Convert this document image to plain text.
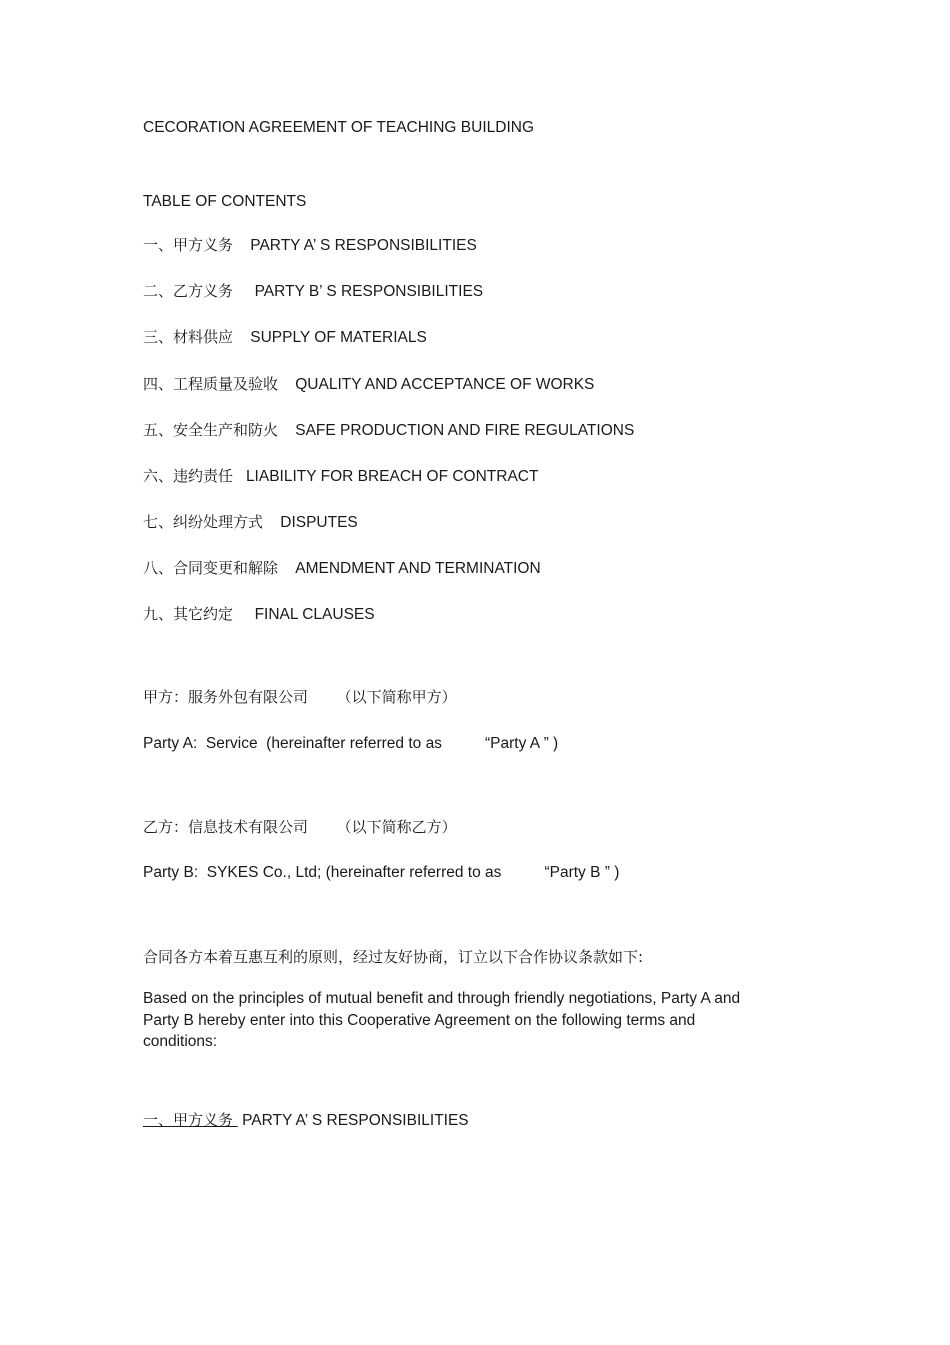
CECORATION AGREEMENT OF TEACHING BUILDING
TABLE OF CONTENTS
一、甲方义务 PARTY A’ S RESPONSIBILITIES
二、乙方义务 PARTY B’ S RESPONSIBILITIES
三、材料供应 SUPPLY OF MATERIALS
四、工程质量及验收 QUALITY AND ACCEPTANCE OF WORKS
五、安全生产和防火 SAFE PRODUCTION AND FIRE REGULATIONS
六、违约责任 LIABILITY FOR BREACH OF CONTRACT
七、纠纷处理方式 DISPUTES
八、合同变更和解除 AMENDMENT AND TERMINATION
九、其它约定 FINAL CLAUSES
甲方：服务外包有限公司      （以下简称甲方）
Party A:  Service  (hereinafter referred to as          “Party A ” )
乙方：信息技术有限公司      （以下简称乙方）
Party B:  SYKES Co., Ltd; (hereinafter referred to as          “Party B ” )
合同各方本着互惠互利的原则，经过友好协商，订立以下合作协议条款如下:
Based on the principles of mutual benefit and through friendly negotiations, Party A and Party B hereby enter into this Cooperative Agreement on the following terms and conditions:
一、甲方义务  PARTY A’ S RESPONSIBILITIES
